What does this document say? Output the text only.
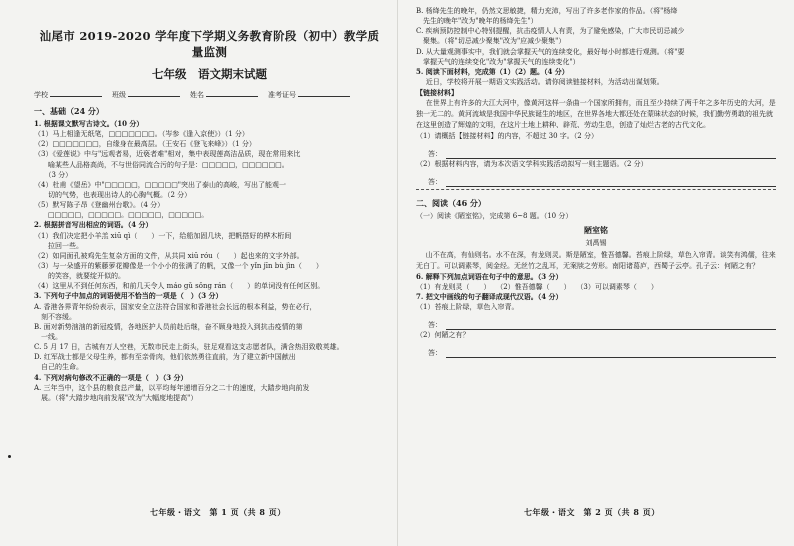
汕尾市 2019-2020 学年度下学期义务教育阶段（初中）教学质量监测
七年级　语文期末试题
学校	班级	姓名	准考证号
一、基础（24 分）
1. 根据课文默写古诗文。（10 分）
（1）马上相逢无纸笔，□□□□□□□。（岑参《逢入京使》）（1 分）
（2）□□□□□□□，自缘身在最高层。（王安石《登飞来峰》）（1 分）
（3）《爱莲说》中与"远观者易，近亵者难"相对，集中表现莲高洁品质，现在常用来比
　　喻某些人品格高尚，不与世俗同流合污的句子是：□□□□□，□□□□□□。
　　（3 分）
（4）杜甫《望岳》中"□□□□□，□□□□□"突出了泰山的高峻，写出了能观一
　　切的气势，也表现出诗人的心胸气概。（2 分）
（5）默写陈子昂《登幽州台歌》。（4 分）
　　□□□□□，□□□□□。□□□□□，□□□□□。
2. 根据拼音写出相应的词语。（4 分）
（1）我们决定把小羊羔 xiū qì（　　）一下，给船加固几块，把帆搭好的桦木桁间
　　拉回一些。
（2）如同面孔被鸡先生复杂方面的文件，从共同 xiū róu（　　）起也来的文字外部。
（3）与一朵盛开的紫藤萝花瓣像是一个小小的张满了的帆，又像一个 yǐn jīn bù jìn（　　）
　　的笑容，就要绽开似的。
（4）这里从不到任何东西，和前几天令人 máo gǔ sǒng rán（　　）的单词没有任何区别。
3. 下列句子中加点的词语使用不恰当的一项是（　）（3 分）
A. 香港各界青年纷纷表示，国家安全立法符合国家和香港社会长远的根本利益，势在必行，
　刻不容缓。
B. 面对新势汹汹的新冠疫情，各地医护人员前赴后继，奋不顾身地投入到抗击疫情的第
　一线。
C. 5 月 17 日，古城有万人空巷，无数市民走上街头，驻足观看这支志愿者队，满含热泪致敬英雄。
D. 红军战士都是父母生养，都有至亲骨肉，他们依然勇往直前，为了建立新中国献出
　自己的生命。
4. 下列对病句修改不正确的一项是（　）（3 分）
A. 三年当中，这个县的粮食总产量，以平均每年递增百分之二十的速度，大踏步地向前发
　展。（将"大踏步地向前发展"改为"大幅度地提高"）
七年级・语文　第 1 页（共 8 页）
B. 杨绛先生的晚年，仍然文思敏捷，精力充沛，写出了许多老作家的作品。（将"杨绛
　先生的晚年"改为"晚年的杨绛先生"）
C. 疾病预防控制中心特别提醒，抗击疫情人人有责，为了避免感染，广大市民切忌减少
　聚集。（将"切忌减少聚集"改为"应减少聚集"）
D. 从大量观测事实中，我们就会掌握天气的连续变化，最好每小时都进行观测。（将"要
　掌握天气的连续变化"改为"掌握天气的连续变化"）
5. 阅读下面材料，完成第（1）（2）题。（4 分）
近日，学校将开展一期语文实践活动。请你阅读链接材料，为活动出谋划策。
【链接材料】
在世界上有许多的大江大河中，像黄河这样一条曲一个国家所拥有，而且至少持续了两千年之多年历史的大河，是独一无二的。黄河流域是我国中华民族诞生的地区，在世界各地大都还处在蒙昧状态的时候，我们勤劳勇敢的祖先就在这里创造了辉煌的文明，在这片土地上耕种、辟荒、劳动生息，创造了灿烂古老的古代文化。
（1）请概括【链接材料】的内容，不超过 30 字。（2 分）
答：
（2）根据材料内容，请为本次语文学科实践活动拟写一则主题语。（2 分）
答：
二、阅读（46 分）
（一）阅读《陋室铭》，完成第 6~8 题。（10 分）
陋室铭
刘禹锡
山不在高，有仙则名。水不在深，有龙则灵。斯是陋室，惟吾德馨。苔痕上阶绿，草色入帘青。谈笑有鸿儒，往来无白丁。可以调素琴，阅金经。无丝竹之乱耳，无案牍之劳形。南阳诸葛庐，西蜀子云亭。孔子云：何陋之有？
6. 解释下列加点词语在句子中的意思。（3 分）
（1）有龙则灵（　　）　 （2）惟吾德馨（　　）　 （3）可以调素琴（　　）
7. 把文中画线的句子翻译成现代汉语。（4 分）
（1）苔痕上阶绿，草色入帘青。
答：
（2）何陋之有？
答：
七年级・语文　第 2 页（共 8 页）
